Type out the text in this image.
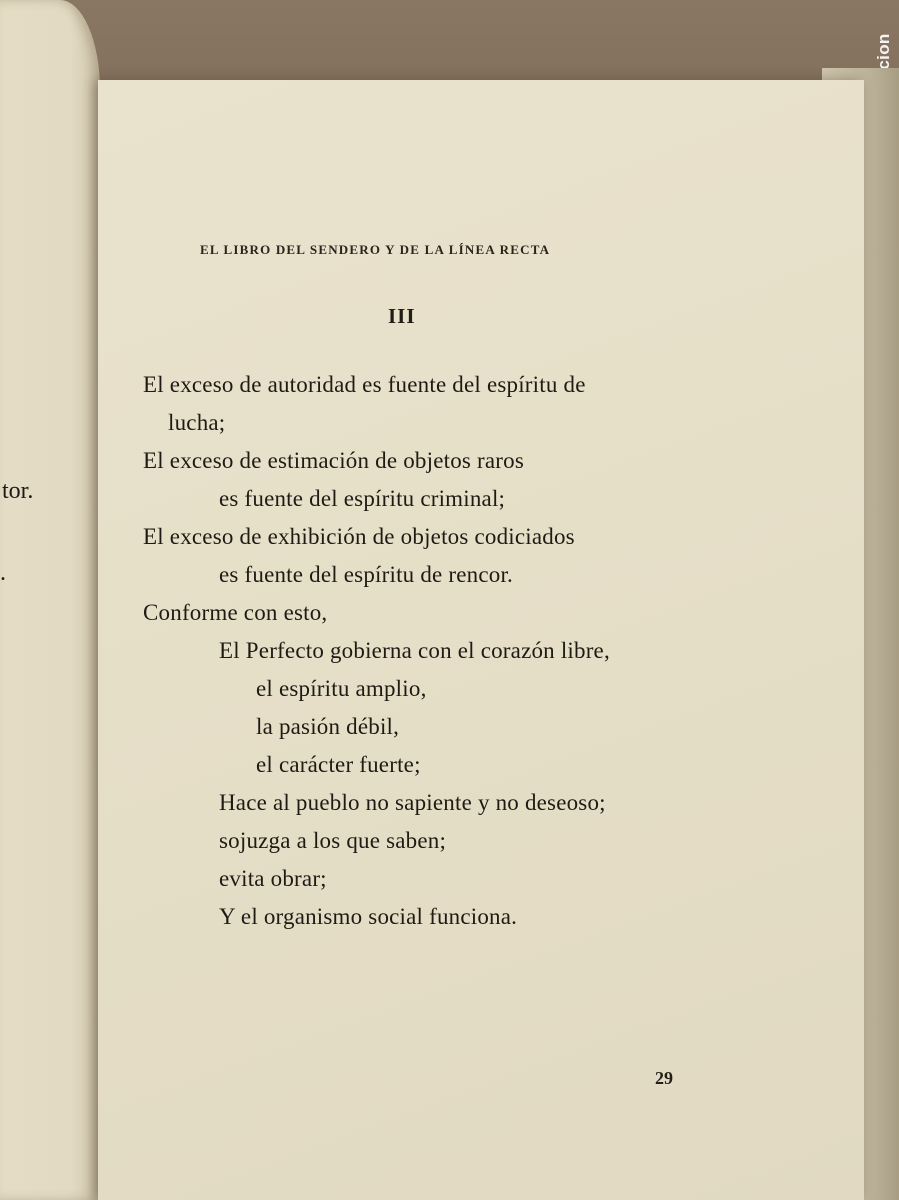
tor.
.
EL LIBRO DEL SENDERO Y DE LA LÍNEA RECTA
III
El exceso de autoridad es fuente del espíritu de
lucha;
El exceso de estimación de objetos raros
es fuente del espíritu criminal;
El exceso de exhibición de objetos codiciados
es fuente del espíritu de rencor.
Conforme con esto,
El Perfecto gobierna con el corazón libre,
el espíritu amplio,
la pasión débil,
el carácter fuerte;
Hace al pueblo no sapiente y no deseoso;
sojuzga a los que saben;
evita obrar;
Y el organismo social funciona.
29
